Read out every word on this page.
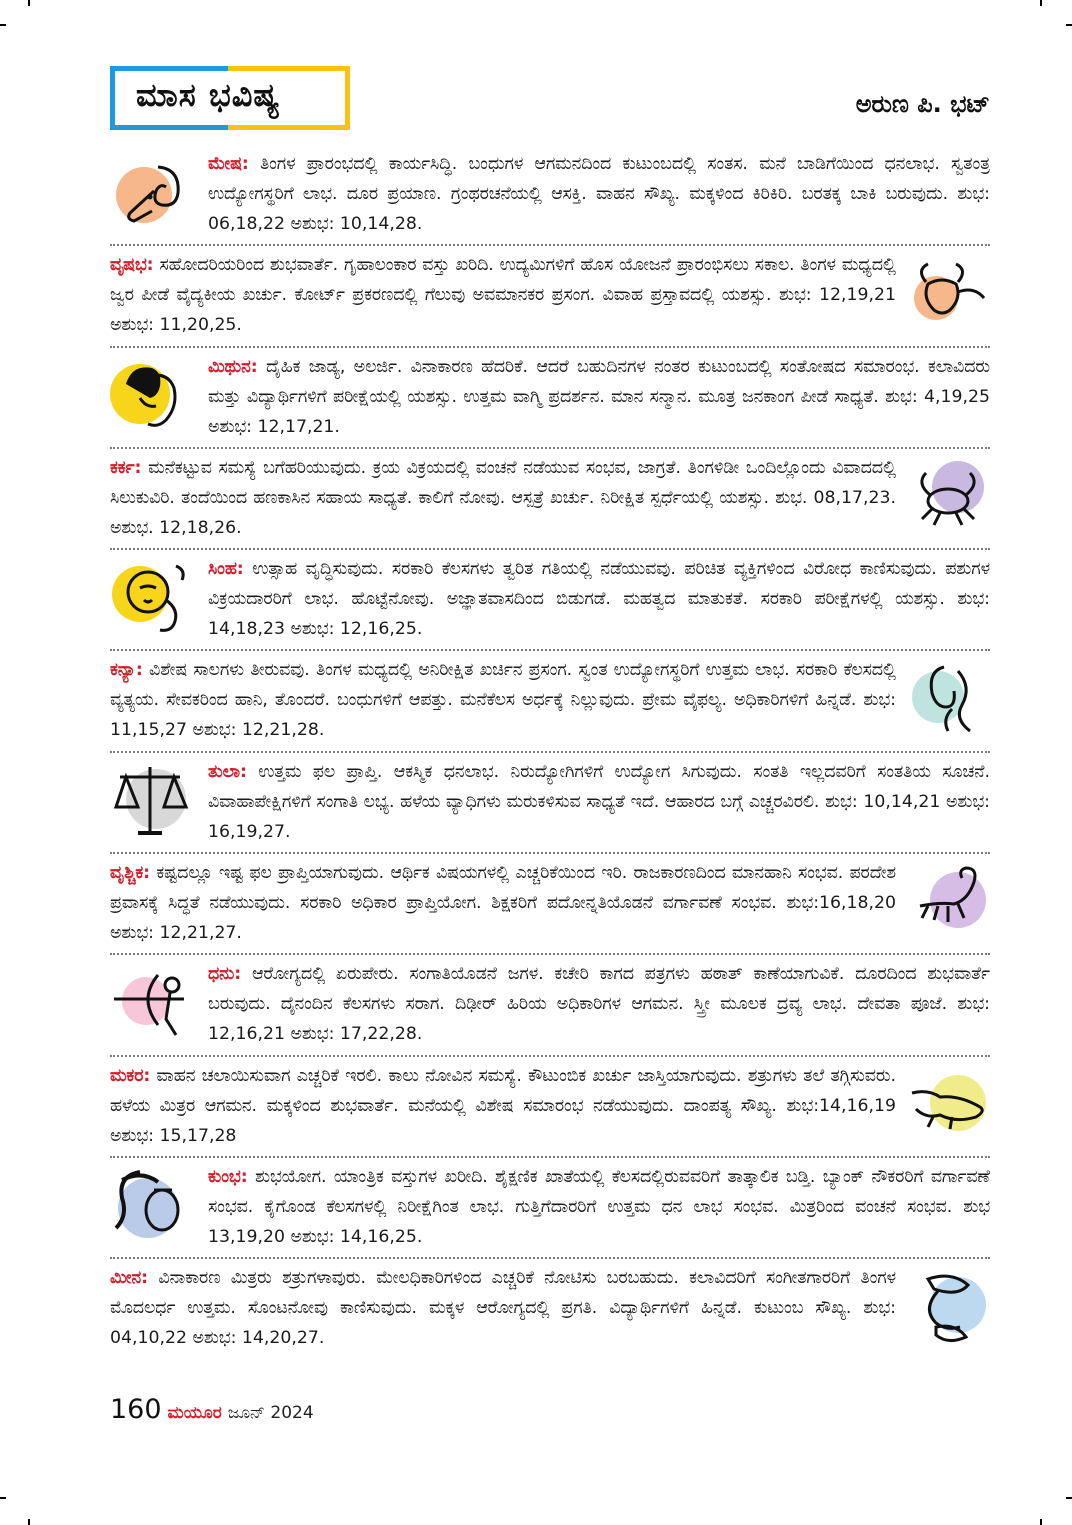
ಮಾಸ ಭವಿಷ್ಯ	ಅರುಣ ಪಿ. ಭಟ್
ಮೇಷ: ತಿಂಗಳ ಪ್ರಾರಂಭದಲ್ಲಿ ಕಾರ್ಯಸಿದ್ಧಿ. ಬಂಧುಗಳ ಆಗಮನದಿಂದ ಕುಟುಂಬದಲ್ಲಿ ಸಂತಸ. ಮನೆ ಬಾಡಿಗೆಯಿಂದ ಧನಲಾಭ. ಸ್ವತಂತ್ರ ಉದ್ಯೋಗಸ್ಥರಿಗೆ ಲಾಭ. ದೂರ ಪ್ರಯಾಣ. ಗ್ರಂಥರಚನೆಯಲ್ಲಿ ಆಸಕ್ತಿ. ವಾಹನ ಸೌಖ್ಯ. ಮಕ್ಕಳಿಂದ ಕಿರಿಕಿರಿ. ಬರತಕ್ಕ ಬಾಕಿ ಬರುವುದು. ಶುಭ: 06,18,22 ಅಶುಭ: 10,14,28.
ವೃಷಭ: ಸಹೋದರಿಯರಿಂದ ಶುಭವಾರ್ತೆ. ಗೃಹಾಲಂಕಾರ ವಸ್ತು ಖರಿದಿ. ಉದ್ಯಮಿಗಳಿಗೆ ಹೊಸ ಯೋಜನೆ ಪ್ರಾರಂಭಿಸಲು ಸಕಾಲ. ತಿಂಗಳ ಮಧ್ಯದಲ್ಲಿ ಜ್ವರ ಪೀಡೆ ವೈದ್ಯಕೀಯ ಖರ್ಚು. ಕೋರ್ಟ್ ಪ್ರಕರಣದಲ್ಲಿ ಗೆಲುವು ಅವಮಾನಕರ ಪ್ರಸಂಗ. ವಿವಾಹ ಪ್ರಸ್ತಾವದಲ್ಲಿ ಯಶಸ್ಸು. ಶುಭ: 12,19,21 ಅಶುಭ: 11,20,25.
ಮಿಥುನ: ದೈಹಿಕ ಜಾಡ್ಯ, ಅಲರ್ಜಿ. ವಿನಾಕಾರಣ ಹೆದರಿಕೆ. ಆದರೆ ಬಹುದಿನಗಳ ನಂತರ ಕುಟುಂಬದಲ್ಲಿ ಸಂತೋಷದ ಸಮಾರಂಭ. ಕಲಾವಿದರು ಮತ್ತು ವಿದ್ಯಾರ್ಥಿಗಳಿಗೆ ಪರೀಕ್ಷೆಯಲ್ಲಿ ಯಶಸ್ಸು. ಉತ್ತಮ ವಾಗ್ಮಿ ಪ್ರದರ್ಶನ. ಮಾನ ಸನ್ಮಾನ. ಮೂತ್ರ ಜನಕಾಂಗ ಪೀಡೆ ಸಾಧ್ಯತೆ. ಶುಭ: 4,19,25 ಅಶುಭ: 12,17,21.
ಕರ್ಕ: ಮನೆಕಟ್ಟುವ ಸಮಸ್ಯೆ ಬಗೆಹರಿಯುವುದು. ಕ್ರಯ ವಿಕ್ರಯದಲ್ಲಿ ವಂಚನೆ ನಡೆಯುವ ಸಂಭವ, ಜಾಗ್ರತೆ. ತಿಂಗಳಿಡೀ ಒಂದಿಲ್ಲೊಂದು ವಿವಾದದಲ್ಲಿ ಸಿಲುಕುವಿರಿ. ತಂದೆಯಿಂದ ಹಣಕಾಸಿನ ಸಹಾಯ ಸಾಧ್ಯತೆ. ಕಾಲಿಗೆ ನೋವು. ಆಸ್ಪತ್ರೆ ಖರ್ಚು. ನಿರೀಕ್ಷಿತ ಸ್ಪರ್ಧೆಯಲ್ಲಿ ಯಶಸ್ಸು. ಶುಭ. 08,17,23. ಅಶುಭ. 12,18,26.
ಸಿಂಹ: ಉತ್ಸಾಹ ವೃದ್ಧಿಸುವುದು. ಸರಕಾರಿ ಕೆಲಸಗಳು ತ್ವರಿತ ಗತಿಯಲ್ಲಿ ನಡೆಯುವವು. ಪರಿಚಿತ ವ್ಯಕ್ತಿಗಳಿಂದ ವಿರೋಧ ಕಾಣಿಸುವುದು. ಪಶುಗಳ ವಿಕ್ರಯದಾರರಿಗೆ ಲಾಭ. ಹೊಟ್ಟೆನೋವು. ಅಜ್ಞಾತವಾಸದಿಂದ ಬಿಡುಗಡೆ. ಮಹತ್ವದ ಮಾತುಕತೆ. ಸರಕಾರಿ ಪರೀಕ್ಷೆಗಳಲ್ಲಿ ಯಶಸ್ಸು. ಶುಭ: 14,18,23 ಅಶುಭ: 12,16,25.
ಕನ್ಯಾ: ವಿಶೇಷ ಸಾಲಗಳು ತೀರುವವು. ತಿಂಗಳ ಮಧ್ಯದಲ್ಲಿ ಅನಿರೀಕ್ಷಿತ ಖರ್ಚಿನ ಪ್ರಸಂಗ. ಸ್ವಂತ ಉದ್ಯೋಗಸ್ಥರಿಗೆ ಉತ್ತಮ ಲಾಭ. ಸರಕಾರಿ ಕೆಲಸದಲ್ಲಿ ವ್ಯತ್ಯಯ. ಸೇವಕರಿಂದ ಹಾನಿ, ತೊಂದರೆ. ಬಂಧುಗಳಿಗೆ ಆಪತ್ತು. ಮನೆಕೆಲಸ ಅರ್ಧಕ್ಕೆ ನಿಲ್ಲುವುದು. ಪ್ರೇಮ ವೈಫಲ್ಯ. ಅಧಿಕಾರಿಗಳಿಗೆ ಹಿನ್ನಡೆ. ಶುಭ: 11,15,27 ಅಶುಭ: 12,21,28.
ತುಲಾ: ಉತ್ತಮ ಫಲ ಪ್ರಾಪ್ತಿ. ಆಕಸ್ಮಿಕ ಧನಲಾಭ. ನಿರುದ್ಯೋಗಿಗಳಿಗೆ ಉದ್ಯೋಗ ಸಿಗುವುದು. ಸಂತತಿ ಇಲ್ಲದವರಿಗೆ ಸಂತತಿಯ ಸೂಚನೆ. ವಿವಾಹಾಪೇಕ್ಷಿಗಳಿಗೆ ಸಂಗಾತಿ ಲಭ್ಯ. ಹಳೆಯ ವ್ಯಾಧಿಗಳು ಮರುಕಳಿಸುವ ಸಾಧ್ಯತೆ ಇದೆ. ಆಹಾರದ ಬಗ್ಗೆ ಎಚ್ಚರವಿರಲಿ. ಶುಭ: 10,14,21 ಅಶುಭ: 16,19,27.
ವೃಶ್ಚಿಕ: ಕಷ್ಟದಲ್ಲೂ ಇಷ್ಟ ಫಲ ಪ್ರಾಪ್ತಿಯಾಗುವುದು. ಆರ್ಥಿಕ ವಿಷಯಗಳಲ್ಲಿ ಎಚ್ಚರಿಕೆಯಿಂದ ಇರಿ. ರಾಜಕಾರಣದಿಂದ ಮಾನಹಾನಿ ಸಂಭವ. ಪರದೇಶ ಪ್ರವಾಸಕ್ಕೆ ಸಿದ್ಧತೆ ನಡೆಯುವುದು. ಸರಕಾರಿ ಅಧಿಕಾರ ಪ್ರಾಪ್ತಿಯೋಗ. ಶಿಕ್ಷಕರಿಗೆ ಪದೋನ್ನತಿಯೊಡನೆ ವರ್ಗಾವಣೆ ಸಂಭವ. ಶುಭ:16,18,20 ಅಶುಭ: 12,21,27.
ಧನು: ಆರೋಗ್ಯದಲ್ಲಿ ಏರುಪೇರು. ಸಂಗಾತಿಯೊಡನೆ ಜಗಳ. ಕಚೇರಿ ಕಾಗದ ಪತ್ರಗಳು ಹಠಾತ್ ಕಾಣೆಯಾಗುವಿಕೆ. ದೂರದಿಂದ ಶುಭವಾರ್ತೆ ಬರುವುದು. ದೈನಂದಿನ ಕೆಲಸಗಳು ಸರಾಗ. ದಿಢೀರ್ ಹಿರಿಯ ಅಧಿಕಾರಿಗಳ ಆಗಮನ. ಸ್ತ್ರೀ ಮೂಲಕ ದ್ರವ್ಯ ಲಾಭ. ದೇವತಾ ಪೂಜೆ. ಶುಭ: 12,16,21 ಅಶುಭ: 17,22,28.
ಮಕರ: ವಾಹನ ಚಲಾಯಿಸುವಾಗ ಎಚ್ಚರಿಕೆ ಇರಲಿ. ಕಾಲು ನೋವಿನ ಸಮಸ್ಯೆ. ಕೌಟುಂಬಿಕ ಖರ್ಚು ಜಾಸ್ತಿಯಾಗುವುದು. ಶತ್ರುಗಳು ತಲೆ ತಗ್ಗಿಸುವರು. ಹಳೆಯ ಮಿತ್ರರ ಆಗಮನ. ಮಕ್ಕಳಿಂದ ಶುಭವಾರ್ತೆ. ಮನೆಯಲ್ಲಿ ವಿಶೇಷ ಸಮಾರಂಭ ನಡೆಯುವುದು. ದಾಂಪತ್ಯ ಸೌಖ್ಯ. ಶುಭ:14,16,19 ಅಶುಭ: 15,17,28
ಕುಂಭ: ಶುಭಯೋಗ. ಯಾಂತ್ರಿಕ ವಸ್ತುಗಳ ಖರೀದಿ. ಶೈಕ್ಷಣಿಕ ಖಾತೆಯಲ್ಲಿ ಕೆಲಸದಲ್ಲಿರುವವರಿಗೆ ತಾತ್ಕಾಲಿಕ ಬಡ್ತಿ. ಬ್ಯಾಂಕ್ ನೌಕರರಿಗೆ ವರ್ಗಾವಣೆ ಸಂಭವ. ಕೈಗೊಂಡ ಕೆಲಸಗಳಲ್ಲಿ ನಿರೀಕ್ಷೆಗಿಂತ ಲಾಭ. ಗುತ್ತಿಗೆದಾರರಿಗೆ ಉತ್ತಮ ಧನ ಲಾಭ ಸಂಭವ. ಮಿತ್ರರಿಂದ ವಂಚನೆ ಸಂಭವ. ಶುಭ 13,19,20 ಅಶುಭ: 14,16,25.
ಮೀನ: ವಿನಾಕಾರಣ ಮಿತ್ರರು ಶತ್ರುಗಳಾವುರು. ಮೇಲಧಿಕಾರಿಗಳಿಂದ ಎಚ್ಚರಿಕೆ ನೋಟಿಸು ಬರಬಹುದು. ಕಲಾವಿದರಿಗೆ ಸಂಗೀತಗಾರರಿಗೆ ತಿಂಗಳ ಮೊದಲರ್ಧ ಉತ್ತಮ. ಸೊಂಟನೋವು ಕಾಣಿಸುವುದು. ಮಕ್ಕಳ ಆರೋಗ್ಯದಲ್ಲಿ ಪ್ರಗತಿ. ವಿದ್ಯಾರ್ಥಿಗಳಿಗೆ ಹಿನ್ನಡೆ. ಕುಟುಂಬ ಸೌಖ್ಯ. ಶುಭ: 04,10,22 ಅಶುಭ: 14,20,27.
160 ಮಯೂರ ಜೂನ್ 2024
